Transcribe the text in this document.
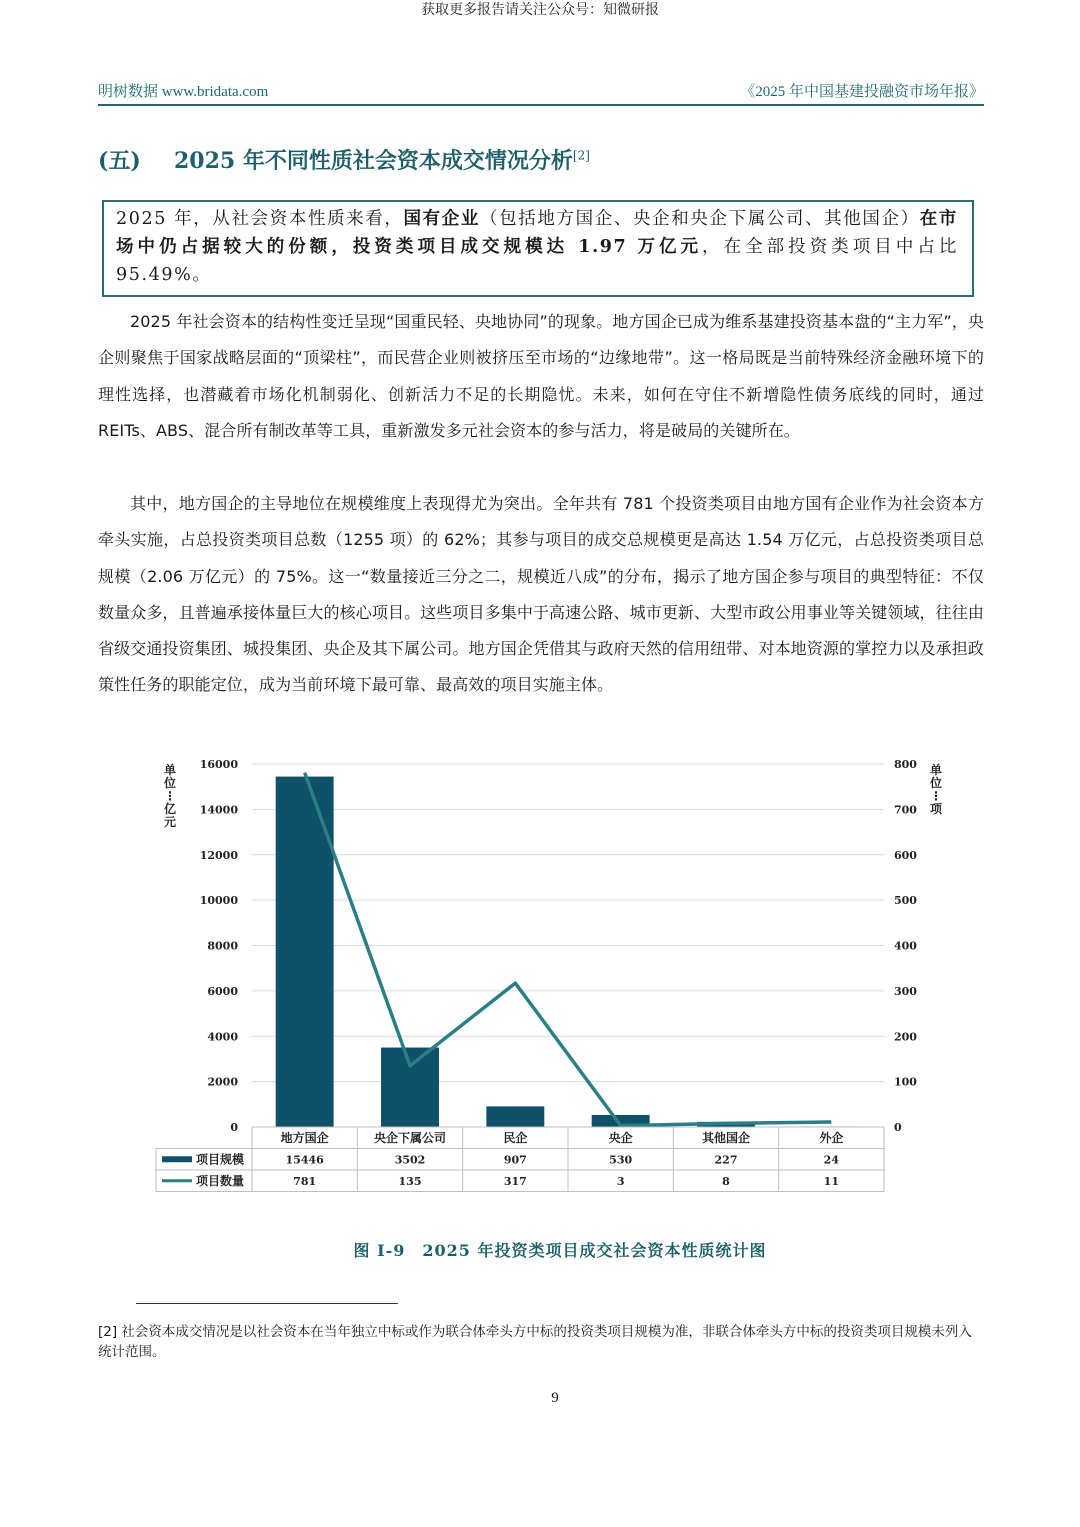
获取更多报告请关注公众号：知微研报
明树数据 www.bridata.com	《2025 年中国基建投融资市场年报》
(五) 2025 年不同性质社会资本成交情况分析[2]
2025 年，从社会资本性质来看，国有企业（包括地方国企、央企和央企下属公司、其他国企）在市场中仍占据较大的份额，投资类项目成交规模达 1.97 万亿元，在全部投资类项目中占比 95.49%。
2025 年社会资本的结构性变迁呈现“国重民轻、央地协同”的现象。地方国企已成为维系基建投资基本盘的“主力军”，央企则聚焦于国家战略层面的“顶梁柱”，而民营企业则被挤压至市场的“边缘地带”。这一格局既是当前特殊经济金融环境下的理性选择，也潜藏着市场化机制弱化、创新活力不足的长期隐忧。未来，如何在守住不新增隐性债务底线的同时，通过 REITs、ABS、混合所有制改革等工具，重新激发多元社会资本的参与活力，将是破局的关键所在。
其中，地方国企的主导地位在规模维度上表现得尤为突出。全年共有 781 个投资类项目由地方国有企业作为社会资本方牵头实施，占总投资类项目总数（1255 项）的 62%；其参与项目的成交总规模更是高达 1.54 万亿元，占总投资类项目总规模（2.06 万亿元）的 75%。这一“数量接近三分之二，规模近八成”的分布，揭示了地方国企参与项目的典型特征：不仅数量众多，且普遍承接体量巨大的核心项目。这些项目多集中于高速公路、城市更新、大型市政公用事业等关键领域，往往由省级交通投资集团、城投集团、央企及其下属公司。地方国企凭借其与政府天然的信用纽带、对本地资源的掌控力以及承担政策性任务的职能定位，成为当前环境下最可靠、最高效的项目实施主体。
0
2000
4000
6000
8000
10000
12000
14000
16000
0
100
200
300
400
500
600
700
800
单位⋮亿元
单位⋮项
地方国企	央企下属公司	民企	央企	其他国企	外企
项目规模	15446	3502	907	530	227	24
项目数量	781	135	317	3	8	11
图 I-9　2025 年投资类项目成交社会资本性质统计图
[2] 社会资本成交情况是以社会资本在当年独立中标或作为联合体牵头方中标的投资类项目规模为准，非联合体牵头方中标的投资类项目规模未列入统计范围。
9
